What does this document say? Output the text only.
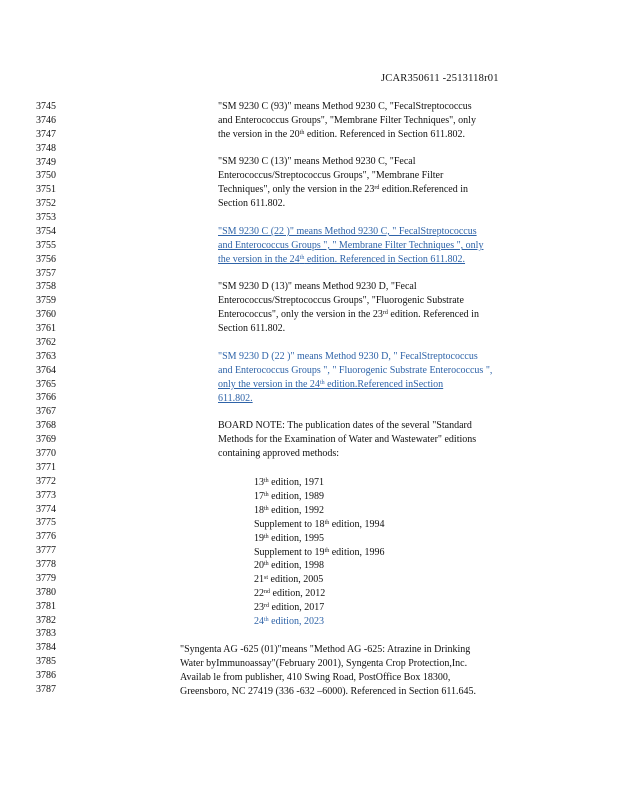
JCAR350611 -2513118r01
3745
3746
3747
3748
3749
3750
3751
3752
3753
3754
3755
3756
3757
3758
3759
3760
3761
3762
3763
3764
3765
3766
3767
3768
3769
3770
3771
3772
3773
3774
3775
3776
3777
3778
3779
3780
3781
3782
3783
3784
3785
3786
3787
"SM 9230 C (93)" means Method 9230 C, "FecalStreptococcus
and Enterococcus Groups", "Membrane Filter Techniques", only
the version in the 20th edition. Referenced in Section 611.802.
"SM 9230 C (13)" means Method 9230 C, "Fecal
Enterococcus/Streptococcus Groups", "Membrane Filter
Techniques", only the version in the 23rd edition.Referenced in
Section 611.802.
"SM 9230 C (22 )" means Method 9230 C, " FecalStreptococcus
and Enterococcus Groups ", " Membrane Filter Techniques ", only
the version in the 24th edition. Referenced in Section 611.802.
"SM 9230 D (13)" means Method 9230 D, "Fecal
Enterococcus/Streptococcus Groups", "Fluorogenic Substrate
Enterococcus", only the version in the 23rd edition. Referenced in
Section 611.802.
"SM 9230 D (22 )" means Method 9230 D, " FecalStreptococcus
and Enterococcus Groups ", " Fluorogenic Substrate Enterococcus ",
only the version in the 24th edition.Referenced inSection
611.802.
BOARD NOTE: The publication dates of the several "Standard
Methods for the Examination of Water and Wastewater" editions
containing approved methods:
13th edition, 1971
17th edition, 1989
18th edition, 1992
Supplement to 18th edition, 1994
19th edition, 1995
Supplement to 19th edition, 1996
20th edition, 1998
21st edition, 2005
22nd edition, 2012
23rd edition, 2017
24th edition, 2023
"Syngenta AG -625 (01)"means "Method AG -625: Atrazine in Drinking
Water byImmunoassay"(February 2001), Syngenta Crop Protection,Inc.
Availab le from publisher, 410 Swing Road, PostOffice Box 18300,
Greensboro, NC 27419 (336 -632 –6000). Referenced in Section 611.645.
